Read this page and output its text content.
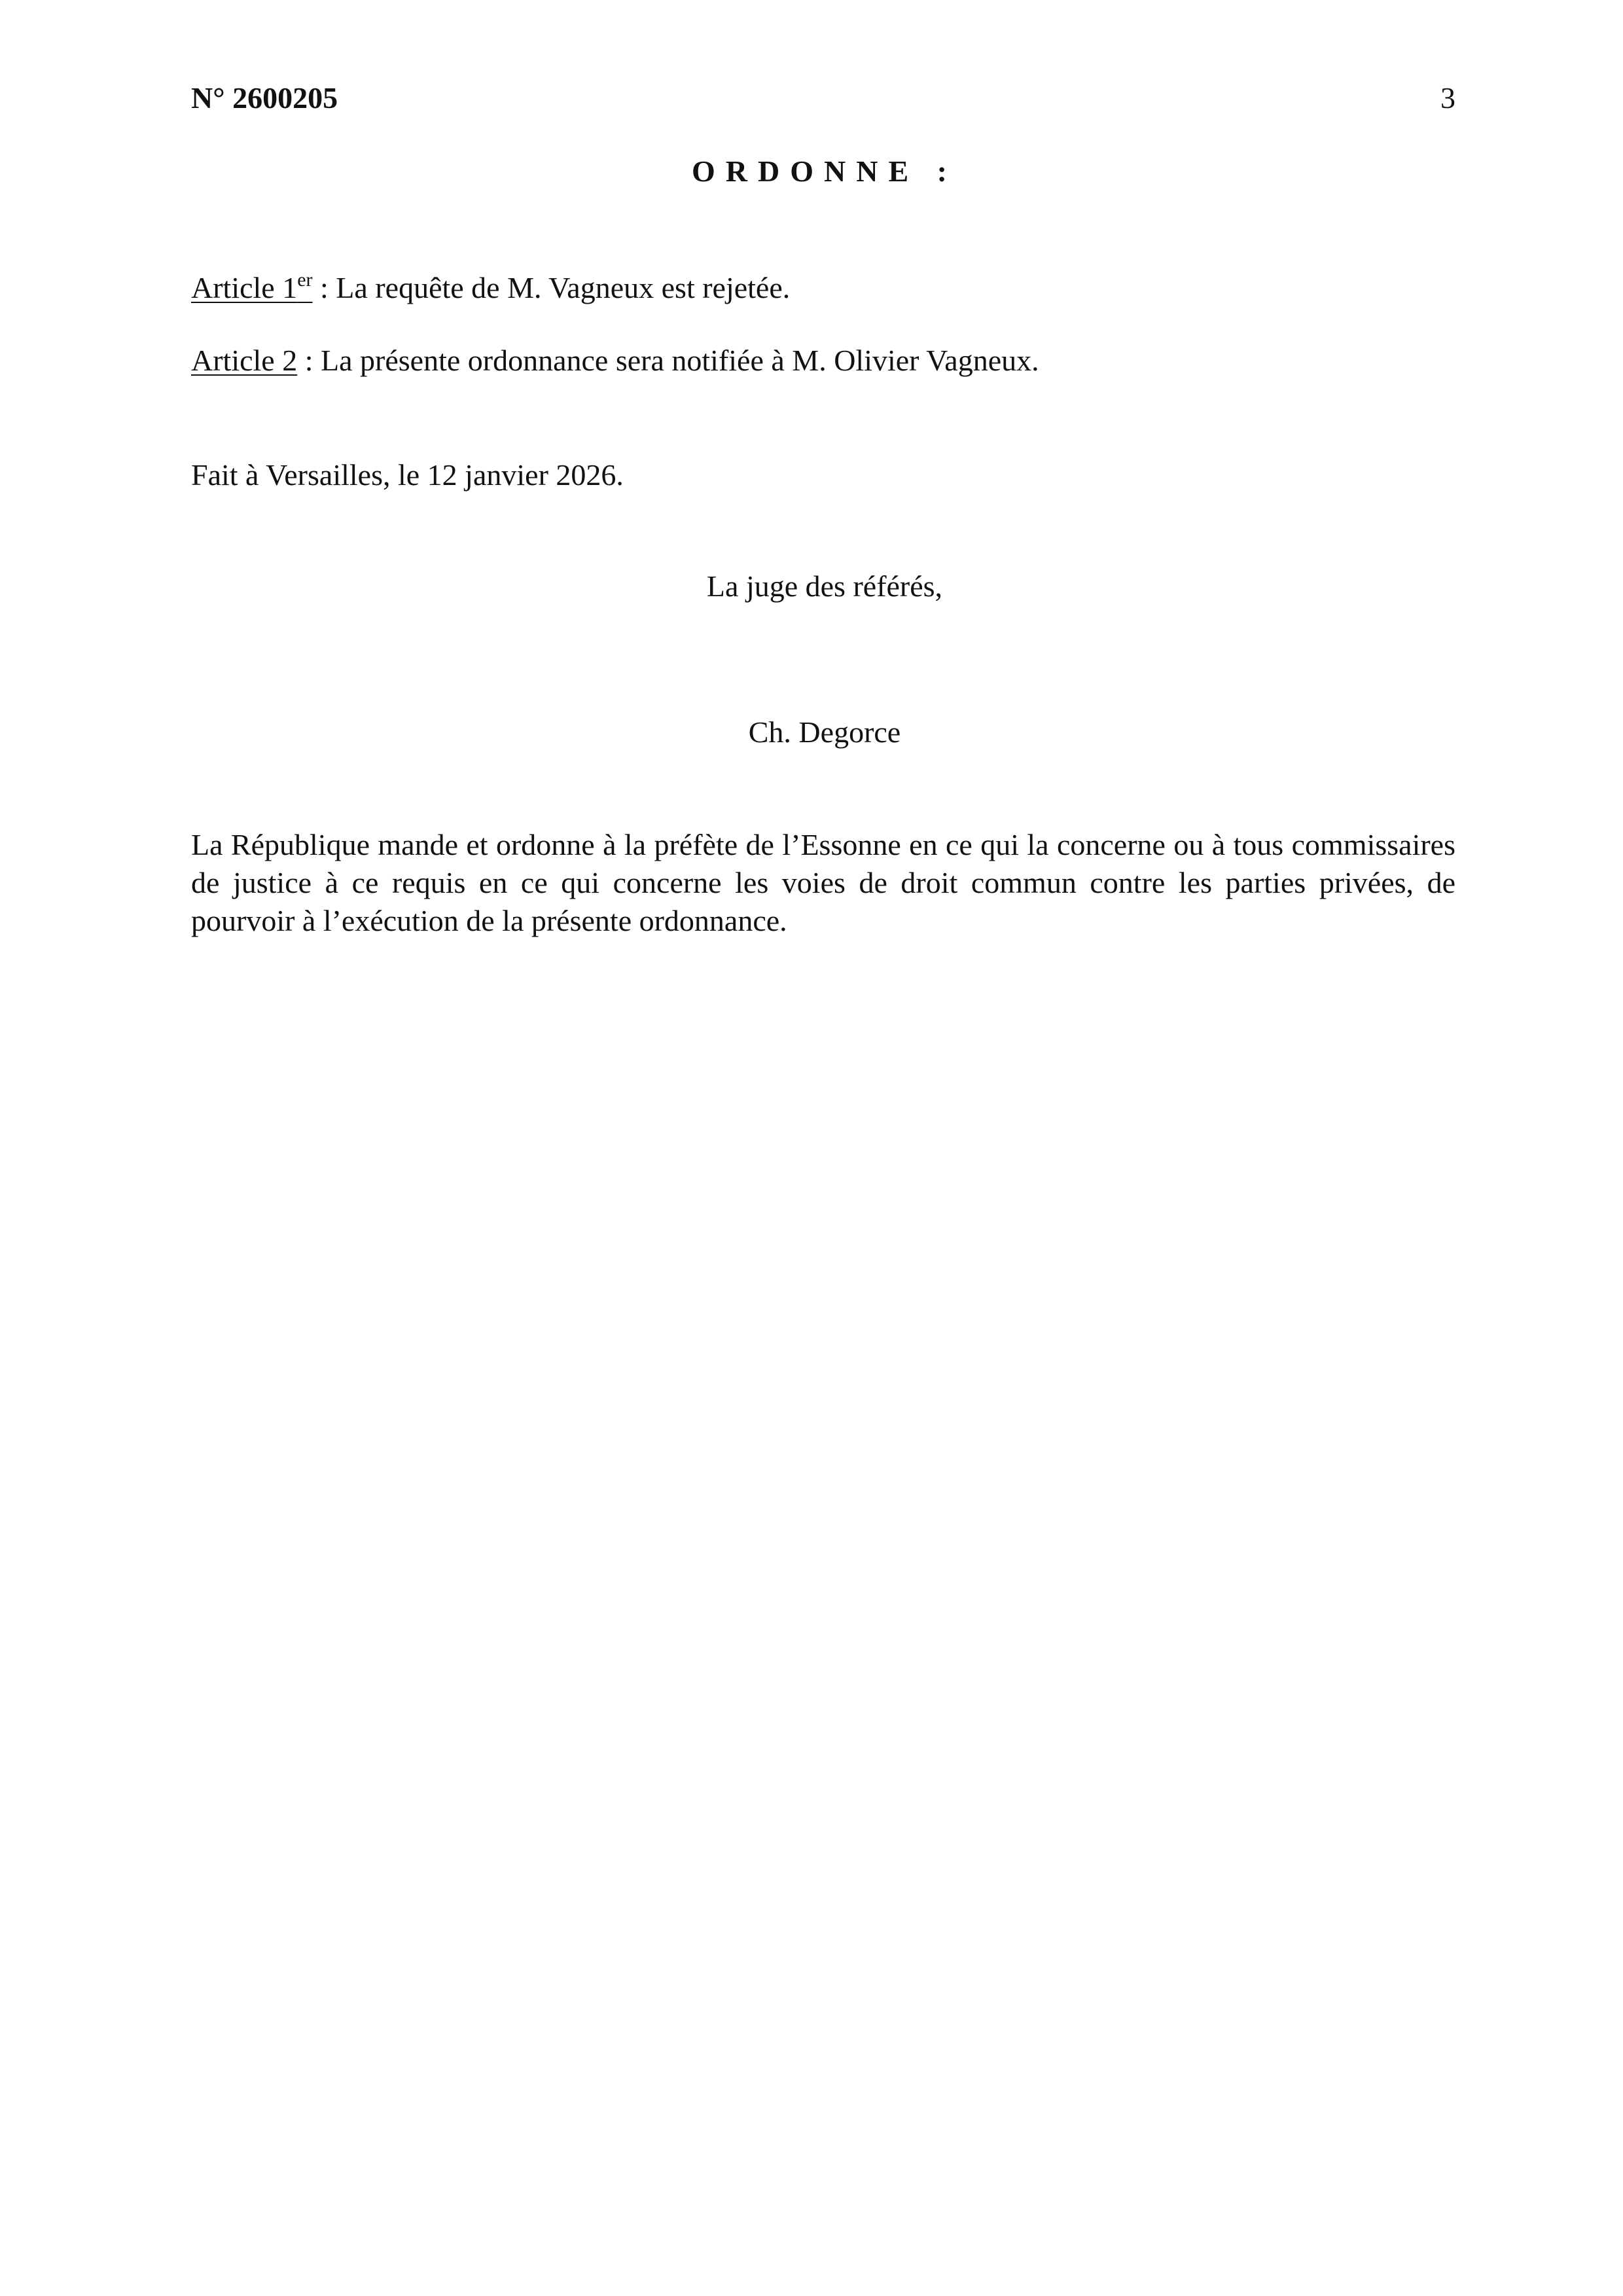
N° 2600205	3
ORDONNE :
Article 1er : La requête de M. Vagneux est rejetée.
Article 2 : La présente ordonnance sera notifiée à M. Olivier Vagneux.
Fait à Versailles, le 12 janvier 2026.
La juge des référés,
Ch. Degorce
La République mande et ordonne à la préfète de l’Essonne en ce qui la concerne ou à tous commissaires de justice à ce requis en ce qui concerne les voies de droit commun contre les parties privées, de pourvoir à l’exécution de la présente ordonnance.
